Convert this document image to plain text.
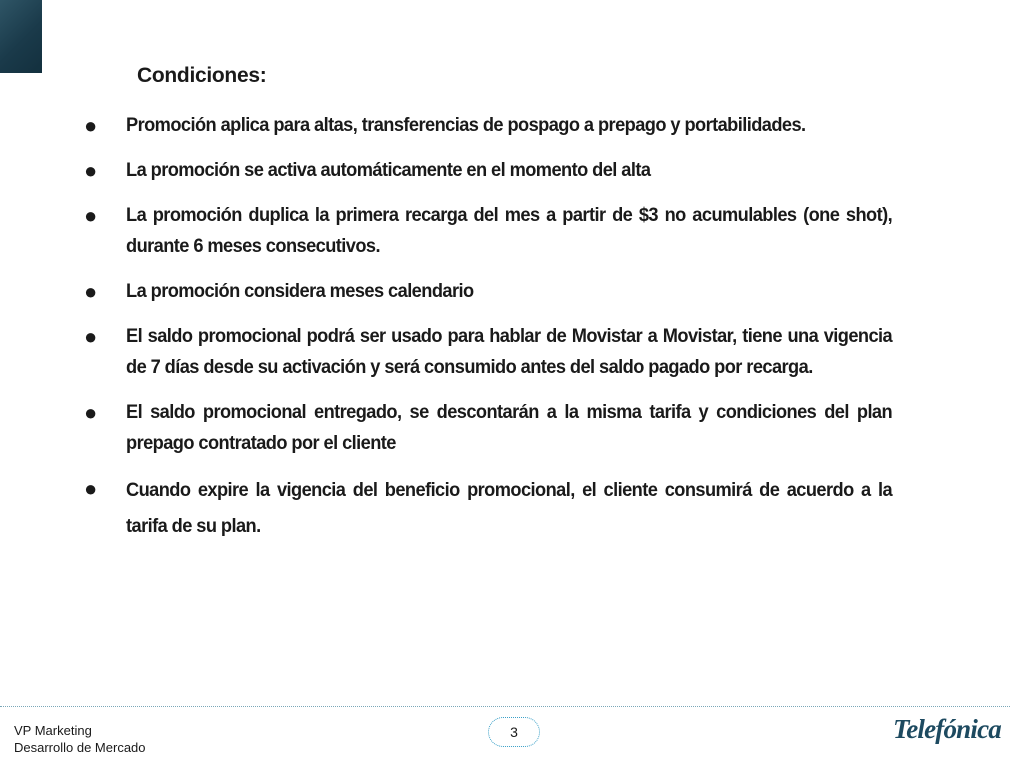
Condiciones:
●	Promoción aplica para altas, transferencias de pospago a prepago y portabilidades.
●	La promoción se activa automáticamente en el momento del alta
●	La promoción duplica la primera recarga del mes a partir de $3 no acumulables (one shot), durante 6 meses consecutivos.
●	La promoción considera meses calendario
●	El saldo promocional podrá ser usado para hablar de Movistar a Movistar, tiene una vigencia de 7 días desde su activación y será consumido antes del saldo pagado por recarga.
●	El saldo promocional entregado, se descontarán a la misma tarifa y condiciones del plan prepago contratado por el cliente
●	Cuando expire la vigencia del beneficio promocional, el cliente consumirá de acuerdo a la tarifa de su plan.
VP Marketing
Desarrollo de Mercado
3	Telefónica
